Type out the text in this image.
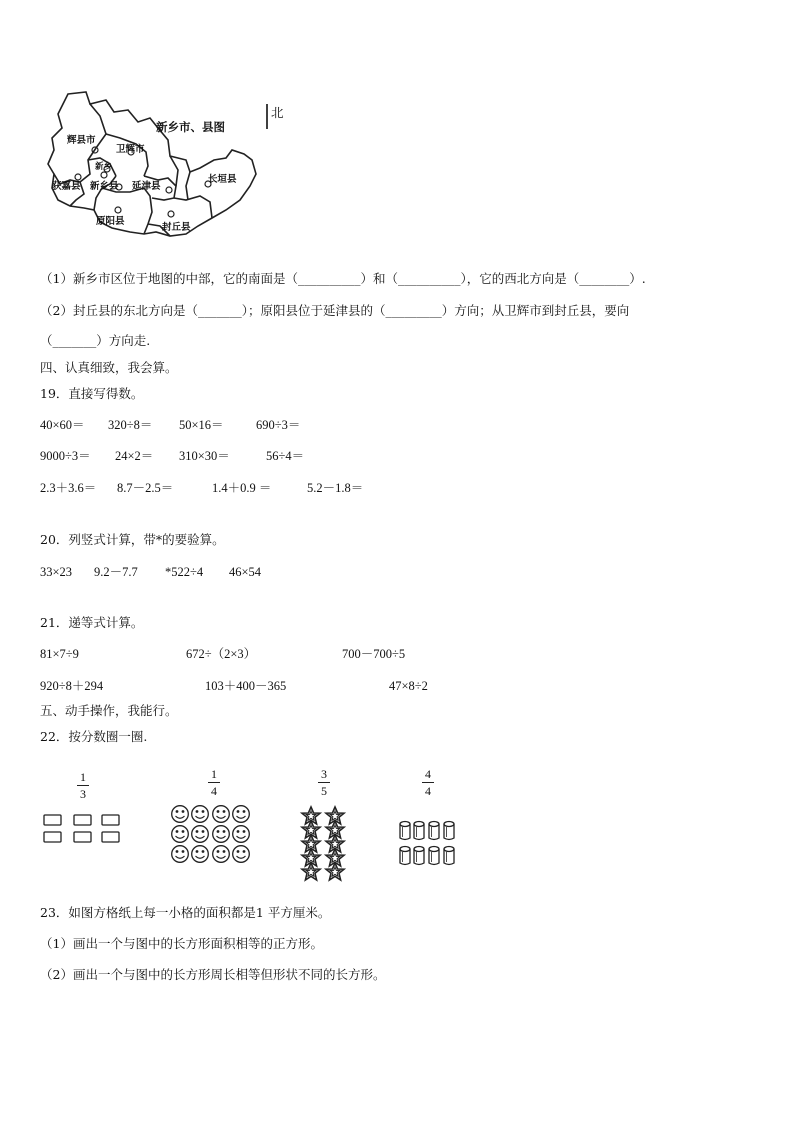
辉县市
卫辉市
新乡
获嘉县 新乡县 延津县
长垣县
原阳县
封丘县
新乡市、县图
北
（1）新乡市区位于地图的中部，它的南面是（__________）和（__________），它的西北方向是（________）.
（2）封丘县的东北方向是（_______）；原阳县位于延津县的（_________）方向；从卫辉市到封丘县，要向
（_______）方向走.
四、认真细致，我会算。
19．直接写得数。
40×60＝ 320÷8＝ 50×16＝	690÷3＝
9000÷3＝ 24×2＝ 310×30＝	56÷4＝
2.3＋3.6＝ 8.7－2.5＝	1.4＋0.9 ＝	5.2－1.8＝
20．列竖式计算，带*的要验算。
33×23 9.2－7.7 *522÷4 46×54
21．递等式计算。
81×7÷9	672÷（2×3）	700－700÷5
920÷8＋294	103＋400－365	47×8÷2
五、动手操作，我能行。
22．按分数圈一圈.
1
3
1
4
3
5
4
4
23．如图方格纸上每一小格的面积都是1 平方厘米。
（1）画出一个与图中的长方形面积相等的正方形。
（2）画出一个与图中的长方形周长相等但形状不同的长方形。
